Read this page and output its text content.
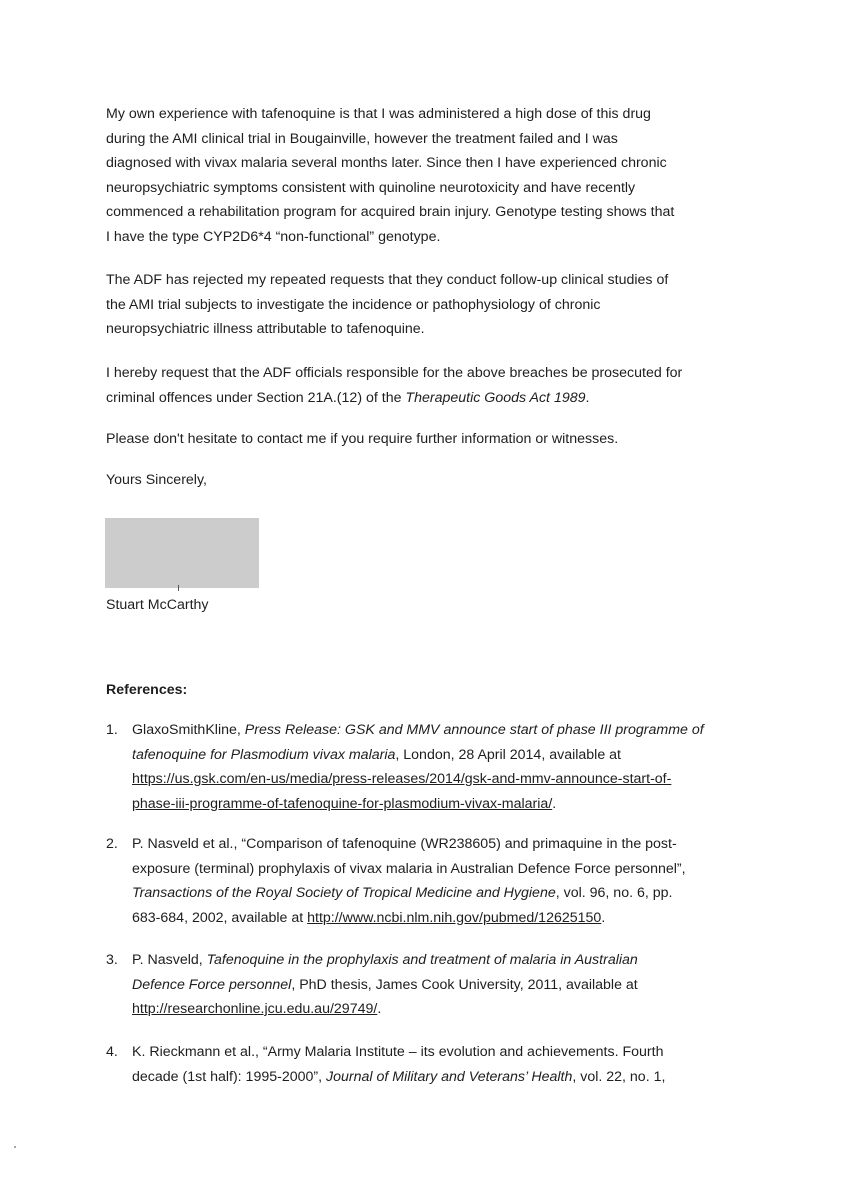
My own experience with tafenoquine is that I was administered a high dose of this drug
during the AMI clinical trial in Bougainville, however the treatment failed and I was
diagnosed with vivax malaria several months later. Since then I have experienced chronic
neuropsychiatric symptoms consistent with quinoline neurotoxicity and have recently
commenced a rehabilitation program for acquired brain injury. Genotype testing shows that
I have the type CYP2D6*4 “non-functional” genotype.

The ADF has rejected my repeated requests that they conduct follow-up clinical studies of
the AMI trial subjects to investigate the incidence or pathophysiology of chronic
neuropsychiatric illness attributable to tafenoquine.

I hereby request that the ADF officials responsible for the above breaches be prosecuted for
criminal offences under Section 21A.(12) of the Therapeutic Goods Act 1989.

Please don't hesitate to contact me if you require further information or witnesses.

Yours Sincerely,

Stuart McCarthy

References:

1. GlaxoSmithKline, Press Release: GSK and MMV announce start of phase III programme of
tafenoquine for Plasmodium vivax malaria, London, 28 April 2014, available at
https://us.gsk.com/en-us/media/press-releases/2014/gsk-and-mmv-announce-start-of-
phase-iii-programme-of-tafenoquine-for-plasmodium-vivax-malaria/.
2. P. Nasveld et al., “Comparison of tafenoquine (WR238605) and primaquine in the post-
exposure (terminal) prophylaxis of vivax malaria in Australian Defence Force personnel”,
Transactions of the Royal Society of Tropical Medicine and Hygiene, vol. 96, no. 6, pp.
683-684, 2002, available at http://www.ncbi.nlm.nih.gov/pubmed/12625150.
3. P. Nasveld, Tafenoquine in the prophylaxis and treatment of malaria in Australian
Defence Force personnel, PhD thesis, James Cook University, 2011, available at
http://researchonline.jcu.edu.au/29749/.
4. K. Rieckmann et al., “Army Malaria Institute – its evolution and achievements. Fourth
decade (1st half): 1995-2000”, Journal of Military and Veterans’ Health, vol. 22, no. 1,
